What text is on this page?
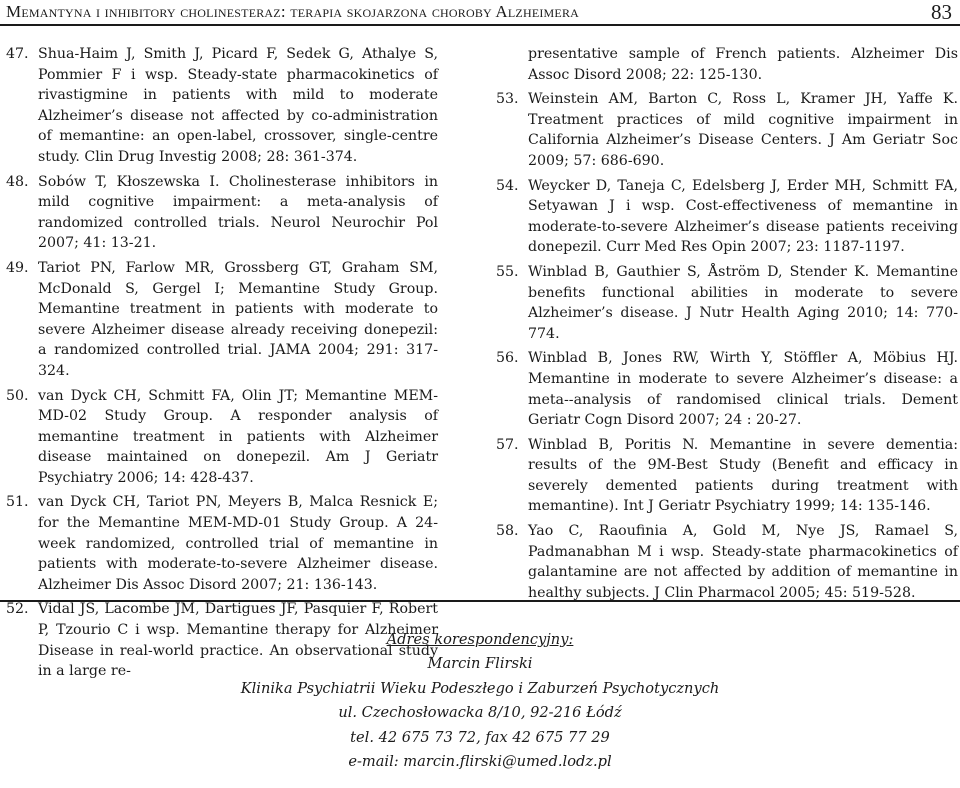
Memantyna i inhibitory cholinesteraz: terapia skojarzona choroby Alzheimera	83
47. Shua-Haim J, Smith J, Picard F, Sedek G, Athalye S, Pommier F i wsp. Steady-state pharmacokinetics of rivastigmine in patients with mild to moderate Alzheimer’s disease not affected by co-administration of memantine: an open-label, crossover, single-centre study. Clin Drug Investig 2008; 28: 361-374.
48. Sobów T, Kłoszewska I. Cholinesterase inhibitors in mild cognitive impairment: a meta-analysis of randomized controlled trials. Neurol Neurochir Pol 2007; 41: 13-21.
49. Tariot PN, Farlow MR, Grossberg GT, Graham SM, McDonald S, Gergel I; Memantine Study Group. Memantine treatment in patients with moderate to severe Alzheimer disease already receiving donepezil: a randomized controlled trial. JAMA 2004; 291: 317-324.
50. van Dyck CH, Schmitt FA, Olin JT; Memantine MEM-MD-02 Study Group. A responder analysis of memantine treatment in patients with Alzheimer disease maintained on donepezil. Am J Geriatr Psychiatry 2006; 14: 428-437.
51. van Dyck CH, Tariot PN, Meyers B, Malca Resnick E; for the Memantine MEM-MD-01 Study Group. A 24-week randomized, controlled trial of memantine in patients with moderate-to-severe Alzheimer disease. Alzheimer Dis Assoc Disord 2007; 21: 136-143.
52. Vidal JS, Lacombe JM, Dartigues JF, Pasquier F, Robert P, Tzourio C i wsp. Memantine therapy for Alzheimer Disease in real-world practice. An observational study in a large re-
presentative sample of French patients. Alzheimer Dis Assoc Disord 2008; 22: 125-130.
53. Weinstein AM, Barton C, Ross L, Kramer JH, Yaffe K. Treatment practices of mild cognitive impairment in California Alzheimer’s Disease Centers. J Am Geriatr Soc 2009; 57: 686-690.
54. Weycker D, Taneja C, Edelsberg J, Erder MH, Schmitt FA, Setyawan J i wsp. Cost-effectiveness of memantine in moderate-to-severe Alzheimer’s disease patients receiving donepezil. Curr Med Res Opin 2007; 23: 1187-1197.
55. Winblad B, Gauthier S, Åström D, Stender K. Memantine benefits functional abilities in moderate to severe Alzheimer’s disease. J Nutr Health Aging 2010; 14: 770-774.
56. Winblad B, Jones RW, Wirth Y, Stöffler A, Möbius HJ. Memantine in moderate to severe Alzheimer’s disease: a meta--analysis of randomised clinical trials. Dement Geriatr Cogn Disord 2007; 24 : 20-27.
57. Winblad B, Poritis N. Memantine in severe dementia: results of the 9M-Best Study (Benefit and efficacy in severely demented patients during treatment with memantine). Int J Geriatr Psychiatry 1999; 14: 135-146.
58. Yao C, Raoufinia A, Gold M, Nye JS, Ramael S, Padmanabhan M i wsp. Steady-state pharmacokinetics of galantamine are not affected by addition of memantine in healthy subjects. J Clin Pharmacol 2005; 45: 519-528.
Adres korespondencyjny:
Marcin Flirski
Klinika Psychiatrii Wieku Podeszłego i Zaburzeń Psychotycznych
ul. Czechosłowacka 8/10, 92-216 Łódź
tel. 42 675 73 72, fax 42 675 77 29
e-mail: marcin.flirski@umed.lodz.pl
